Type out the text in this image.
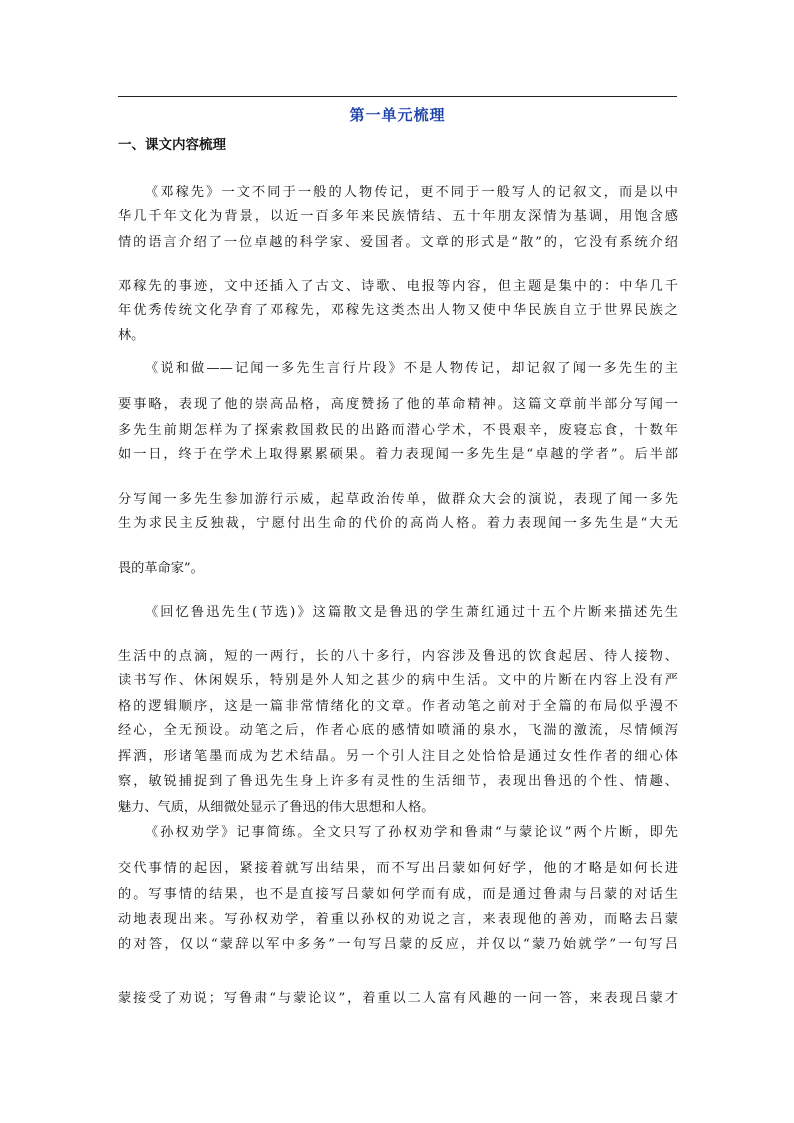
第一单元梳理
一、课文内容梳理
《邓稼先》一文不同于一般的人物传记，更不同于一般写人的记叙文，而是以中
华几千年文化为背景，以近一百多年来民族情结、五十年朋友深情为基调，用饱含感
情的语言介绍了一位卓越的科学家、爱国者。文章的形式是“散”的，它没有系统介绍
邓稼先的事迹，文中还插入了古文、诗歌、电报等内容，但主题是集中的：中华几千
年优秀传统文化孕育了邓稼先，邓稼先这类杰出人物又使中华民族自立于世界民族之
林。
《说和做——记闻一多先生言行片段》不是人物传记，却记叙了闻一多先生的主
要事略，表现了他的崇高品格，高度赞扬了他的革命精神。这篇文章前半部分写闻一
多先生前期怎样为了探索救国救民的出路而潜心学术，不畏艰辛，废寝忘食，十数年
如一日，终于在学术上取得累累硕果。着力表现闻一多先生是“卓越的学者”。后半部
分写闻一多先生参加游行示威，起草政治传单，做群众大会的演说，表现了闻一多先
生为求民主反独裁，宁愿付出生命的代价的高尚人格。着力表现闻一多先生是“大无
畏的革命家”。
《回忆鲁迅先生(节选)》这篇散文是鲁迅的学生萧红通过十五个片断来描述先生
生活中的点滴，短的一两行，长的八十多行，内容涉及鲁迅的饮食起居、待人接物、
读书写作、休闲娱乐，特别是外人知之甚少的病中生活。文中的片断在内容上没有严
格的逻辑顺序，这是一篇非常情绪化的文章。作者动笔之前对于全篇的布局似乎漫不
经心，全无预设。动笔之后，作者心底的感情如喷涌的泉水，飞湍的激流，尽情倾泻
挥洒，形诸笔墨而成为艺术结晶。另一个引人注目之处恰恰是通过女性作者的细心体
察，敏锐捕捉到了鲁迅先生身上许多有灵性的生活细节，表现出鲁迅的个性、情趣、
魅力、气质，从细微处显示了鲁迅的伟大思想和人格。
《孙权劝学》记事简练。全文只写了孙权劝学和鲁肃“与蒙论议”两个片断，即先
交代事情的起因，紧接着就写出结果，而不写出吕蒙如何好学，他的才略是如何长进
的。写事情的结果，也不是直接写吕蒙如何学而有成，而是通过鲁肃与吕蒙的对话生
动地表现出来。写孙权劝学，着重以孙权的劝说之言，来表现他的善劝，而略去吕蒙
的对答，仅以“蒙辞以军中多务”一句写吕蒙的反应，并仅以“蒙乃始就学”一句写吕
蒙接受了劝说；写鲁肃“与蒙论议”，着重以二人富有风趣的一问一答，来表现吕蒙才
